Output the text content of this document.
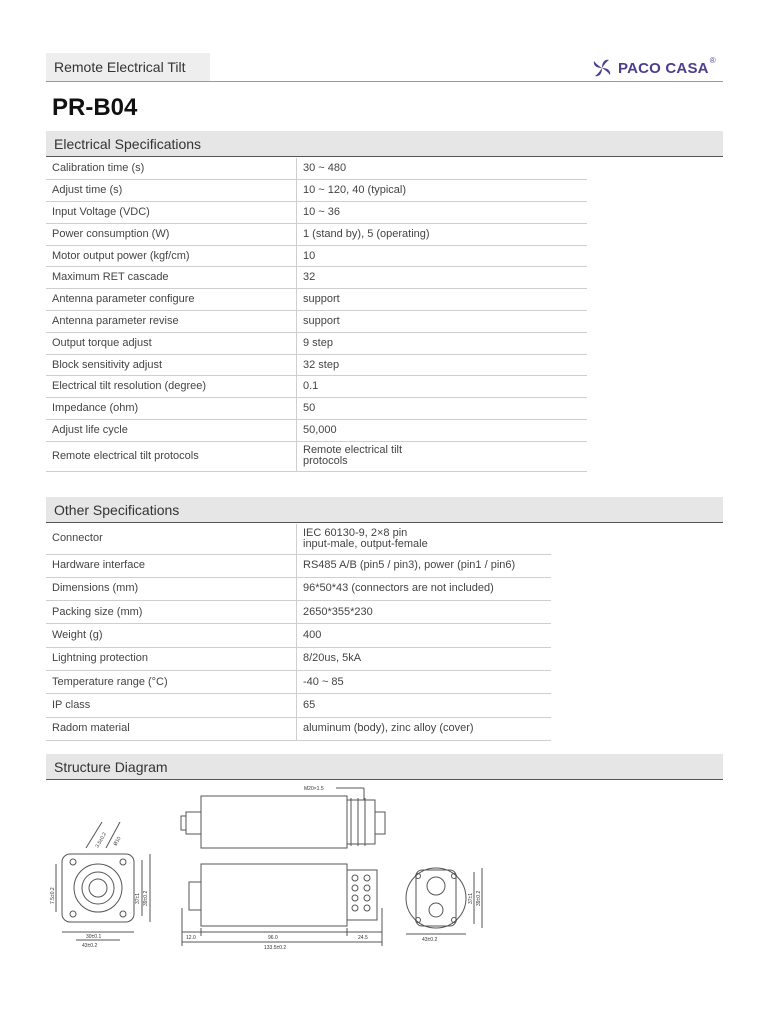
Remote Electrical Tilt	PACO CASA ®
PR-B04
Electrical Specifications
Calibration time (s)	30 ~ 480

Adjust time (s)	10 ~ 120, 40 (typical)

Input Voltage (VDC)	10 ~ 36

Power consumption (W)	1 (stand by), 5 (operating)

Motor output power (kgf/cm)	10

Maximum RET cascade	32

Antenna parameter configure	support

Antenna parameter revise	support

Output torque adjust	9 step

Block sensitivity adjust	32 step

Electrical tilt resolution (degree)	0.1

Impedance (ohm)	50

Adjust life cycle	50,000

Remote electrical tilt protocols	Remote electrical tilt
protocols
Other Specifications
Connector	IEC 60130-9, 2×8 pin
input-male, output-female

Hardware interface	RS485 A/B (pin5 / pin3), power (pin1 / pin6)

Dimensions (mm)	96*50*43 (connectors are not included)

Packing size (mm)	2650*355*230

Weight (g)	400

Lightning protection	8/20us, 5kA

Temperature range (°C)	-40 ~ 85

IP class	65

Radom material	aluminum (body), zinc alloy (cover)
Structure Diagram
M20×1.5
12.0	96.0	24.5
133.5±0.2
30±0.1
43±0.2
43±0.2
37±1 39±0.2	37±1 39±0.2
7.5±0.2
3.5±0.2 Ø10
